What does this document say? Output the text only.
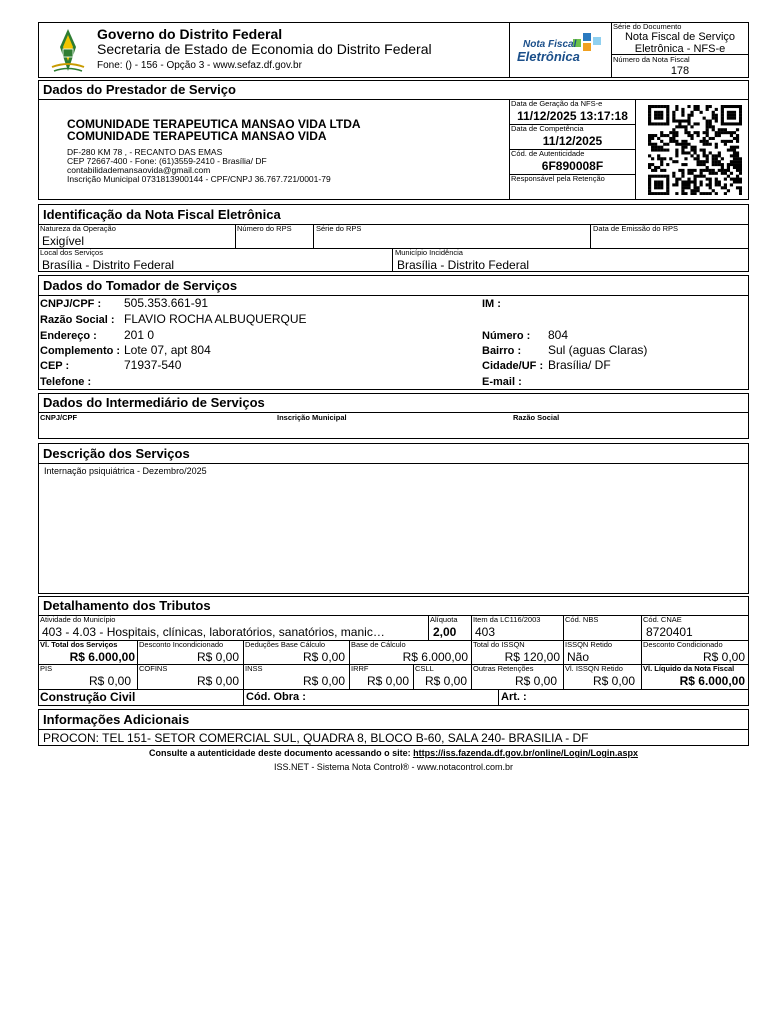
Governo do Distrito Federal
Secretaria de Estado de Economia do Distrito Federal
Fone: () - 156 - Opção 3 - www.sefaz.df.gov.br
Nota Fiscal
Eletrônica
Série do Documento
Nota Fiscal de Serviço
Eletrônica - NFS-e
Número da Nota Fiscal
178
Dados do Prestador de Serviço
COMUNIDADE TERAPEUTICA MANSAO VIDA LTDA
COMUNIDADE TERAPEUTICA MANSAO VIDA
DF-280 KM 78 , - RECANTO DAS EMAS
CEP 72667-400 - Fone: (61)3559-2410 - Brasília/ DF
contabilidademansaovida@gmail.com
Inscrição Municipal 0731813900144 - CPF/CNPJ 36.767.721/0001-79
Data de Geração da NFS-e
11/12/2025 13:17:18
Data de Competência
11/12/2025
Cód. de Autenticidade
6F890008F
Responsável pela Retenção
Identificação da Nota Fiscal Eletrônica
Natureza da Operação
Exigível
Número do RPS	Série do RPS	Data de Emissão do RPS
Local dos Serviços
Brasília - Distrito Federal
Município Incidência
Brasília - Distrito Federal
Dados do Tomador de Serviços
CNPJ/CPF : 505.353.661-91	IM :
Razão Social : FLAVIO ROCHA ALBUQUERQUE
Endereço : 201 0	Número : 804
Complemento : Lote 07, apt 804	Bairro : Sul (aguas Claras)
CEP :	71937-540	Cidade/UF : Brasília/ DF
Telefone :	E-mail :
Dados do Intermediário de Serviços
CNPJ/CPF	Inscrição Municipal	Razão Social
Descrição dos Serviços
Internação psiquiátrica - Dezembro/2025
Detalhamento dos Tributos
Atividade do Município
403 - 4.03 - Hospitais, clínicas, laboratórios, sanatórios, manic…
Alíquota
2,00
Item da LC116/2003
403
Cód. NBS	Cód. CNAE
8720401
Vl. Total dos Serviços
R$ 6.000,00
Desconto Incondicionado
R$ 0,00
Deduções Base Cálculo
R$ 0,00
Base de Cálculo
R$ 6.000,00
Total do ISSQN
R$ 120,00
ISSQN Retido
Não
Desconto Condicionado
R$ 0,00
PIS
R$ 0,00
COFINS
R$ 0,00
INSS
R$ 0,00
IRRF
R$ 0,00
CSLL
R$ 0,00
Outras Retenções
R$ 0,00
Vl. ISSQN Retido
R$ 0,00
Vl. Líquido da Nota Fiscal
R$ 6.000,00
Construção Civil	Cód. Obra :	Art. :
Informações Adicionais
PROCON: TEL 151- SETOR COMERCIAL SUL, QUADRA 8, BLOCO B-60, SALA 240- BRASILIA - DF
Consulte a autenticidade deste documento acessando o site: https://iss.fazenda.df.gov.br/online/Login/Login.aspx
ISS.NET - Sistema Nota Control® - www.notacontrol.com.br
